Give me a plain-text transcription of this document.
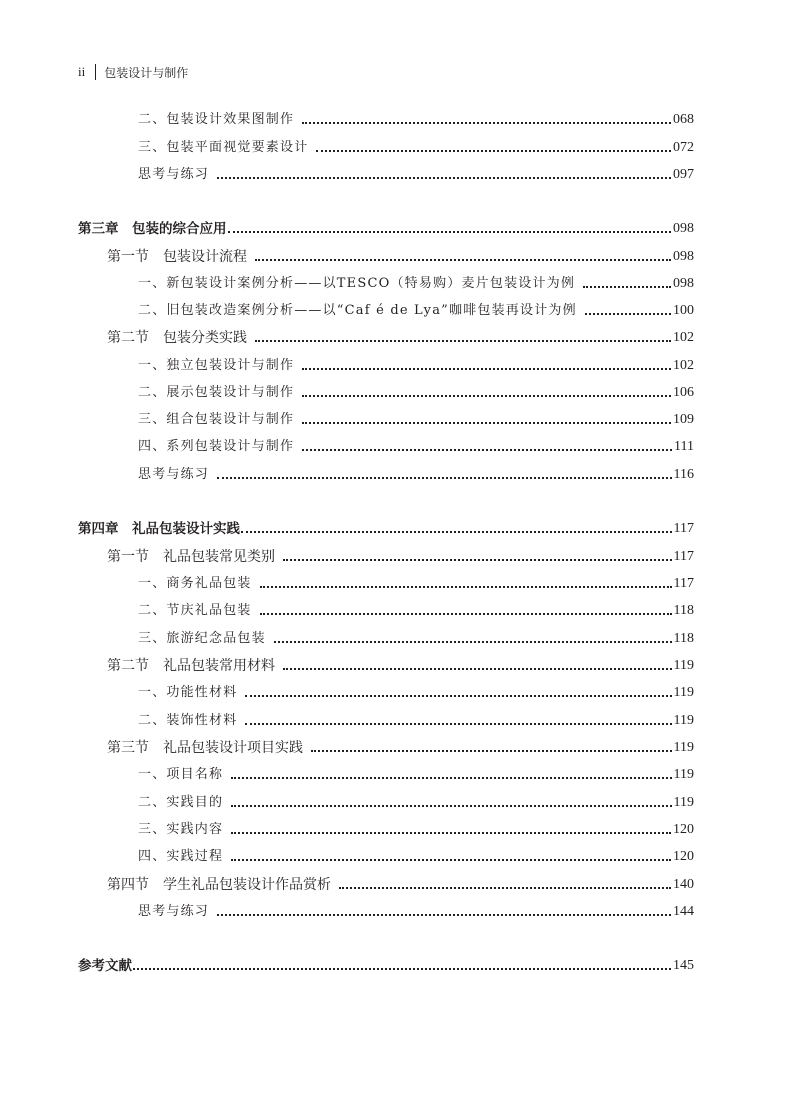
ii 包装设计与制作
二、包装设计效果图制作	068
三、包装平面视觉要素设计	072
思考与练习	097
第三章　包装的综合应用	098
第一节　包装设计流程	098
一、新包装设计案例分析——以TESCO（特易购）麦片包装设计为例	098
二、旧包装改造案例分析——以“Caf é de Lya”咖啡包装再设计为例	100
第二节　包装分类实践	102
一、独立包装设计与制作	102
二、展示包装设计与制作	106
三、组合包装设计与制作	109
四、系列包装设计与制作	111
思考与练习	116
第四章　礼品包装设计实践	117
第一节　礼品包装常见类别	117
一、商务礼品包装	117
二、节庆礼品包装	118
三、旅游纪念品包装	118
第二节　礼品包装常用材料	119
一、功能性材料	119
二、装饰性材料	119
第三节　礼品包装设计项目实践	119
一、项目名称	119
二、实践目的	119
三、实践内容	120
四、实践过程	120
第四节　学生礼品包装设计作品赏析	140
思考与练习	144
参考文献	145
